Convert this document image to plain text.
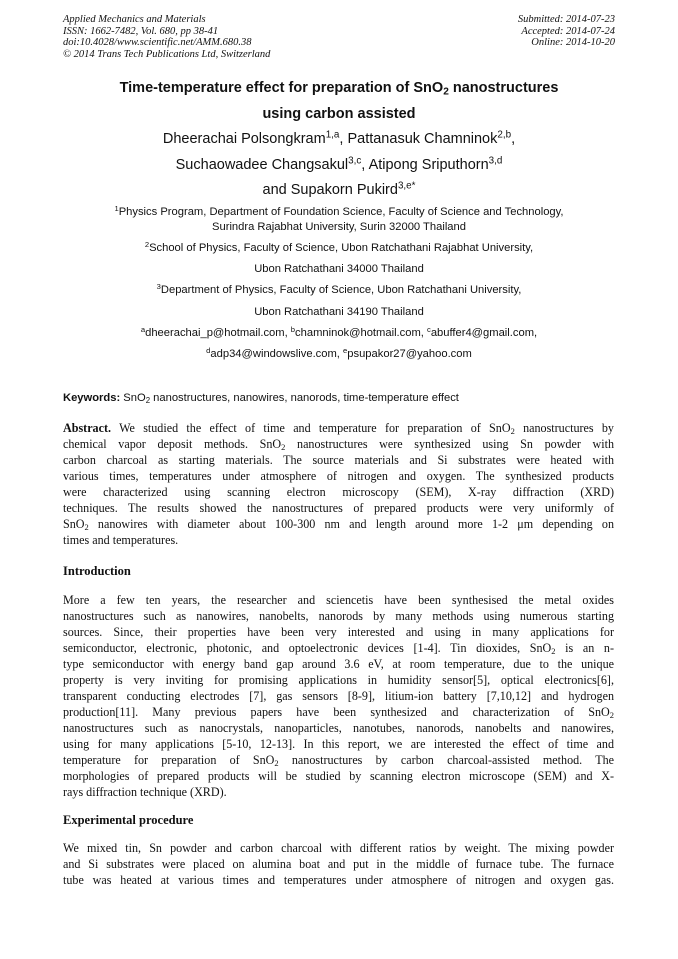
Applied Mechanics and Materials
ISSN: 1662-7482, Vol. 680, pp 38-41
doi:10.4028/www.scientific.net/AMM.680.38
© 2014 Trans Tech Publications Ltd, Switzerland
Submitted: 2014-07-23
Accepted: 2014-07-24
Online: 2014-10-20
Time-temperature effect for preparation of SnO$_2$ nanostructures
using carbon assisted
Dheerachai Polsongkram$^{1,a}$, Pattanasuk Chamninok$^{2,b}$,
Suchaowadee Changsakul$^{3,c}$, Atipong Sriputhorn$^{3,d}$
and Supakorn Pukird$^{3,e*}$
$^1$Physics Program, Department of Foundation Science, Faculty of Science and Technology,
Surindra Rajabhat University, Surin 32000 Thailand
$^2$School of Physics, Faculty of Science, Ubon Ratchathani Rajabhat University,
Ubon Ratchathani 34000 Thailand
$^3$Department of Physics, Faculty of Science, Ubon Ratchathani University,
Ubon Ratchathani 34190 Thailand
$^a$dheerachai_p@hotmail.com, $^b$chamninok@hotmail.com, $^c$abuffer4@gmail.com,
$^d$adp34@windowslive.com, $^e$psupakor27@yahoo.com
Keywords: SnO$_2$ nanostructures, nanowires, nanorods, time-temperature effect
Abstract. We studied the effect of time and temperature for preparation of SnO$_2$ nanostructures by
chemical vapor deposit methods. SnO$_2$ nanostructures were synthesized using Sn powder with
carbon charcoal as starting materials. The source materials and Si substrates were heated with
various times, temperatures under atmosphere of nitrogen and oxygen. The synthesized products
were characterized using scanning electron microscopy (SEM), X-ray diffraction (XRD)
techniques. The results showed the nanostructures of prepared products were very uniformly of
SnO$_2$ nanowires with diameter about 100-300 nm and length around more 1-2 μm depending on
times and temperatures.
Introduction
More a few ten years, the researcher and sciencetis have been synthesised the metal oxides
nanostructures such as nanowires, nanobelts, nanorods by many methods using numerous starting
sources. Since, their properties have been very interested and using in many applications for
semiconductor, electronic, photonic, and optoelectronic devices [1-4]. Tin dioxides, SnO$_2$ is an n-
type semiconductor with energy band gap around 3.6 eV, at room temperature, due to the unique
property is very inviting for promising applications in humidity sensor[5], optical electronics[6],
transparent conducting electrodes [7], gas sensors [8-9], litium-ion battery [7,10,12] and hydrogen
production[11]. Many previous papers have been synthesized and characterization of SnO$_2$
nanostructures such as nanocrystals, nanoparticles, nanotubes, nanorods, nanobelts and nanowires,
using for many applications [5-10, 12-13]. In this report, we are interested the effect of time and
temperature for preparation of SnO$_2$ nanostructures by carbon charcoal-assisted method. The
morphologies of prepared products will be studied by scanning electron microscope (SEM) and X-
rays diffraction technique (XRD).
Experimental procedure
We mixed tin, Sn powder and carbon charcoal with different ratios by weight. The mixing powder
and Si substrates were placed on alumina boat and put in the middle of furnace tube. The furnace
tube was heated at various times and temperatures under atmosphere of nitrogen and oxygen gas.
